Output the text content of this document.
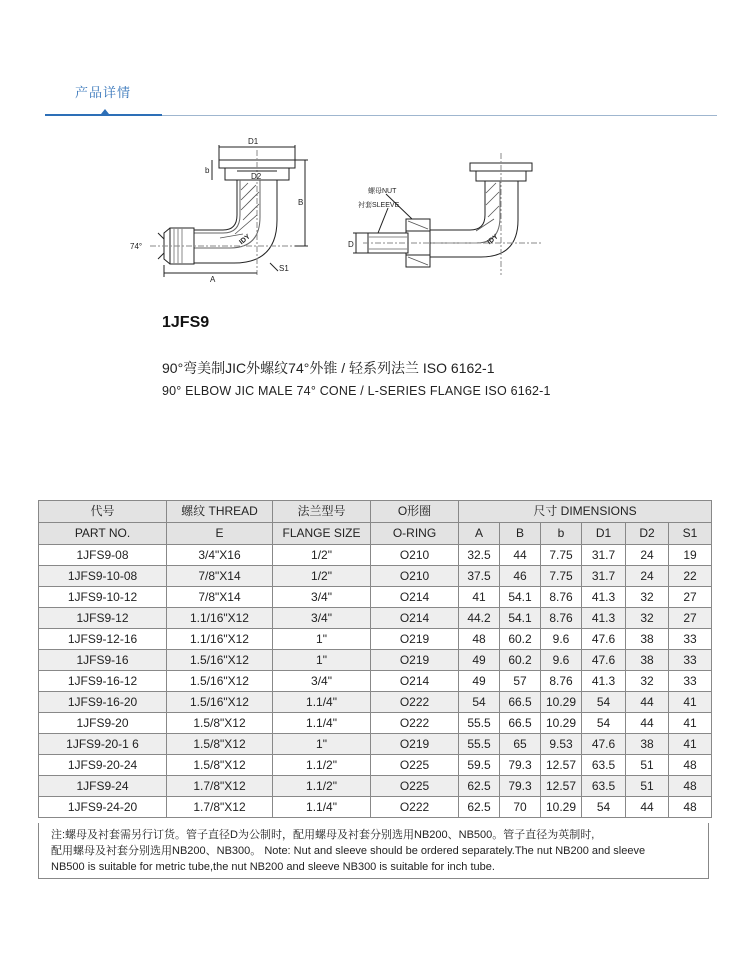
产品详情
D1
D2
b
B
74°
A
S1
IDY
螺母NUT
衬套SLEEVE
D	IDY
1JFS9
90°弯美制JIC外螺纹74°外锥 / 轻系列法兰 ISO 6162-1
90° ELBOW JIC MALE 74° CONE / L-SERIES FLANGE ISO 6162-1
代号	螺纹 THREAD	法兰型号	O形圈	尺寸 DIMENSIONS					
PART NO.	E	FLANGE SIZE	O-RING	A	B	b	D1	D2	S1
1JFS9-08	3/4"X16	1/2"	O210	32.5	44	7.75	31.7	24	19
1JFS9-10-08	7/8"X14	1/2"	O210	37.5	46	7.75	31.7	24	22
1JFS9-10-12	7/8"X14	3/4"	O214	41	54.1	8.76	41.3	32	27
1JFS9-12	1.1/16"X12	3/4"	O214	44.2	54.1	8.76	41.3	32	27
1JFS9-12-16	1.1/16"X12	1"	O219	48	60.2	9.6	47.6	38	33
1JFS9-16	1.5/16"X12	1"	O219	49	60.2	9.6	47.6	38	33
1JFS9-16-12	1.5/16"X12	3/4"	O214	49	57	8.76	41.3	32	33
1JFS9-16-20	1.5/16"X12	1.1/4"	O222	54	66.5	10.29	54	44	41
1JFS9-20	1.5/8"X12	1.1/4"	O222	55.5	66.5	10.29	54	44	41
1JFS9-20-1 6	1.5/8"X12	1"	O219	55.5	65	9.53	47.6	38	41
1JFS9-20-24	1.5/8"X12	1.1/2"	O225	59.5	79.3	12.57	63.5	51	48
1JFS9-24	1.7/8"X12	1.1/2"	O225	62.5	79.3	12.57	63.5	51	48
1JFS9-24-20	1.7/8"X12	1.1/4"	O222	62.5	70	10.29	54	44	48
注:螺母及衬套需另行订货。管子直径D为公制时，配用螺母及衬套分别选用NB200、NB500。管子直径为英制时,
配用螺母及衬套分别选用NB200、NB300。 Note: Nut and sleeve should be ordered separately.The nut NB200 and sleeve
NB500 is suitable for metric tube,the nut NB200 and sleeve NB300 is suitable for inch tube.
